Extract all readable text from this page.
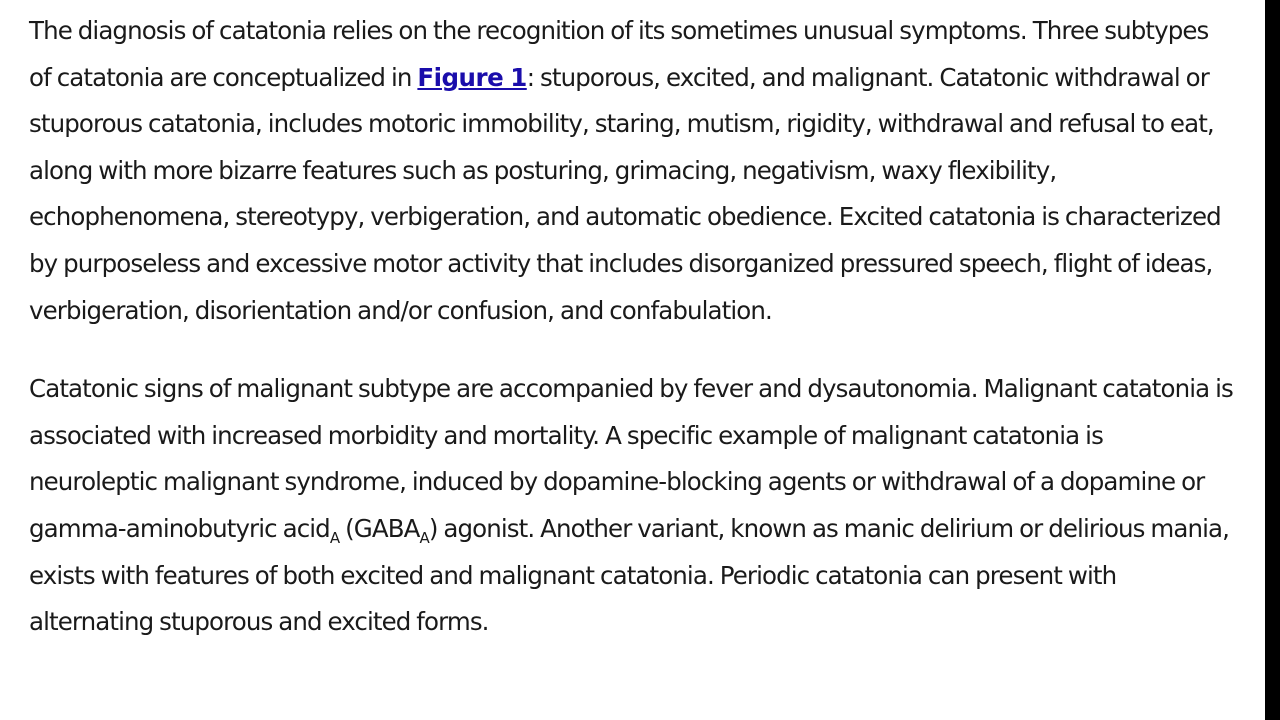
The diagnosis of catatonia relies on the recognition of its sometimes unusual symptoms. Three subtypes of catatonia are conceptualized in Figure 1: stuporous, excited, and malignant. Catatonic withdrawal or stuporous catatonia, includes motoric immobility, staring, mutism, rigidity, withdrawal and refusal to eat, along with more bizarre features such as posturing, grimacing, negativism, waxy flexibility, echophenomena, stereotypy, verbigeration, and automatic obedience. Excited catatonia is characterized by purposeless and excessive motor activity that includes disorganized pressured speech, flight of ideas, verbigeration, disorientation and/or confusion, and confabulation.

Catatonic signs of malignant subtype are accompanied by fever and dysautonomia. Malignant catatonia is associated with increased morbidity and mortality. A specific example of malignant catatonia is neuroleptic malignant syndrome, induced by dopamine-blocking agents or withdrawal of a dopamine or gamma-aminobutyric acid$_A$ $(GABA_A)$ agonist. Another variant, known as manic delirium or delirious mania, exists with features of both excited and malignant catatonia. Periodic catatonia can present with alternating stuporous and excited forms.
